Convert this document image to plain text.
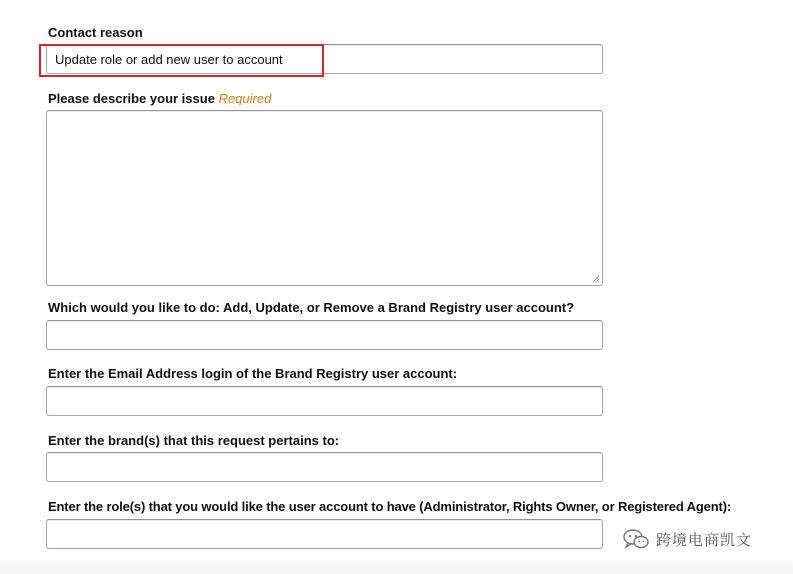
Contact reason
Update role or add new user to account
Please describe your issue Required
Which would you like to do: Add, Update, or Remove a Brand Registry user account?
Enter the Email Address login of the Brand Registry user account:
Enter the brand(s) that this request pertains to:
Enter the role(s) that you would like the user account to have (Administrator, Rights Owner, or Registered Agent):
跨境电商凯文
